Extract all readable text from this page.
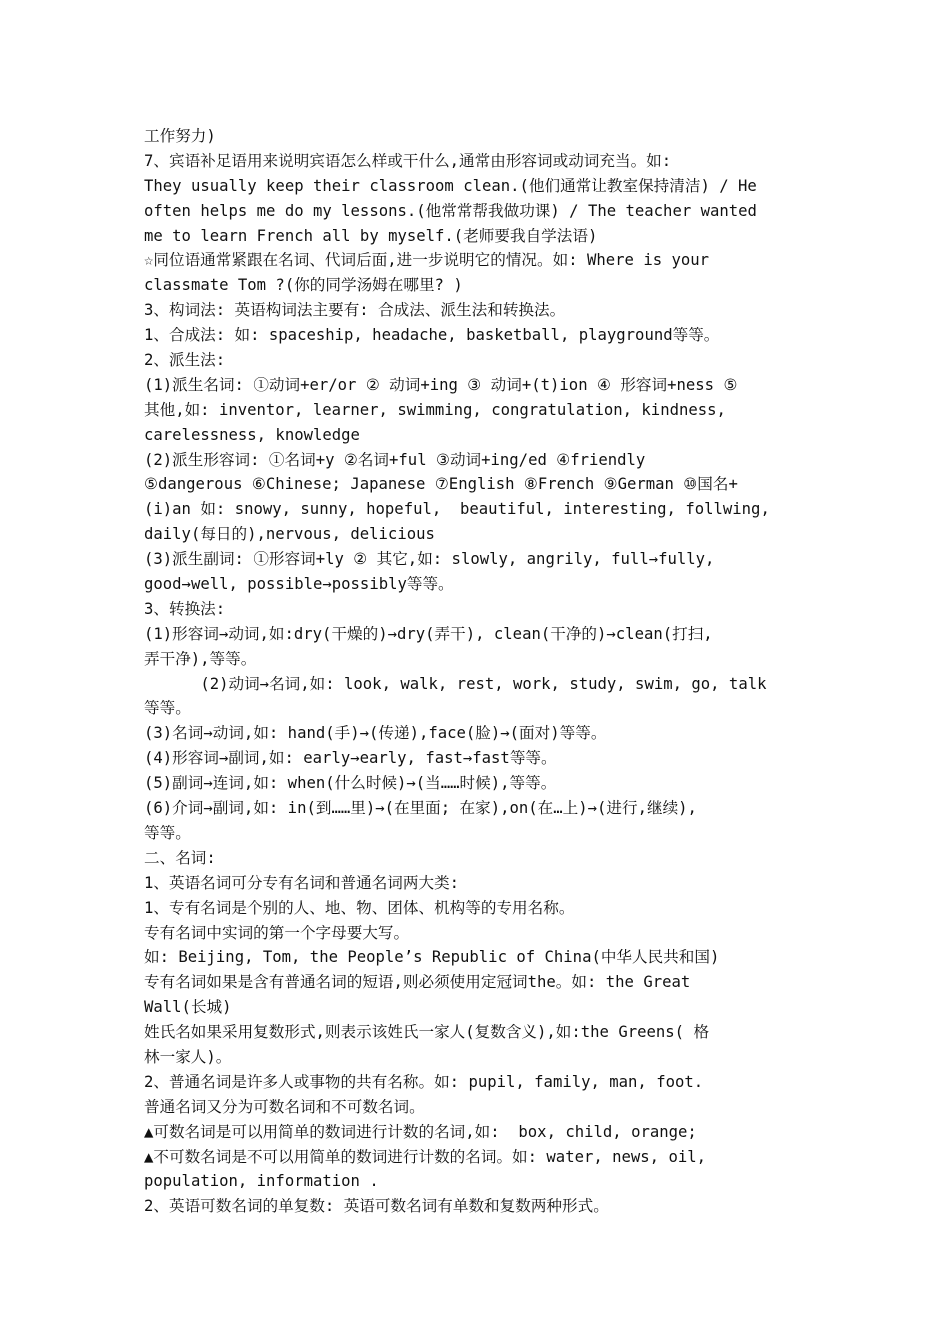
工作努力)
7、宾语补足语用来说明宾语怎么样或干什么,通常由形容词或动词充当。如:
They usually keep their classroom clean.(他们通常让教室保持清洁) / He
often helps me do my lessons.(他常常帮我做功课) / The teacher wanted
me to learn French all by myself.(老师要我自学法语)
☆同位语通常紧跟在名词、代词后面,进一步说明它的情况。如: Where is your
classmate Tom ?(你的同学汤姆在哪里? )
3、构词法: 英语构词法主要有: 合成法、派生法和转换法。
1、合成法: 如: spaceship, headache, basketball, playground等等。
2、派生法:
(1)派生名词: ①动词+er/or ② 动词+ing ③ 动词+(t)ion ④ 形容词+ness ⑤
其他,如: inventor, learner, swimming, congratulation, kindness,
carelessness, knowledge
(2)派生形容词: ①名词+y ②名词+ful ③动词+ing/ed ④friendly
⑤dangerous ⑥Chinese; Japanese ⑦English ⑧French ⑨German ⑩国名+
(i)an 如: snowy, sunny, hopeful,  beautiful, interesting, follwing,
daily(每日的),nervous, delicious
(3)派生副词: ①形容词+ly ② 其它,如: slowly, angrily, full→fully,
good→well, possible→possibly等等。
3、转换法:
(1)形容词→动词,如:dry(干燥的)→dry(弄干), clean(干净的)→clean(打扫,
弄干净),等等。
(2)动词→名词,如: look, walk, rest, work, study, swim, go, talk
等等。
(3)名词→动词,如: hand(手)→(传递),face(脸)→(面对)等等。
(4)形容词→副词,如: early→early, fast→fast等等。
(5)副词→连词,如: when(什么时候)→(当……时候),等等。
(6)介词→副词,如: in(到……里)→(在里面; 在家),on(在…上)→(进行,继续),
等等。
二、名词:
1、英语名词可分专有名词和普通名词两大类:
1、专有名词是个别的人、地、物、团体、机构等的专用名称。
专有名词中实词的第一个字母要大写。
如: Beijing, Tom, the People’s Republic of China(中华人民共和国)
专有名词如果是含有普通名词的短语,则必须使用定冠词the。如: the Great
Wall(长城)
姓氏名如果采用复数形式,则表示该姓氏一家人(复数含义),如:the Greens( 格
林一家人)。
2、普通名词是许多人或事物的共有名称。如: pupil, family, man, foot.
普通名词又分为可数名词和不可数名词。
▲可数名词是可以用简单的数词进行计数的名词,如:  box, child, orange;
▲不可数名词是不可以用简单的数词进行计数的名词。如: water, news, oil,
population, information .
2、英语可数名词的单复数: 英语可数名词有单数和复数两种形式。
